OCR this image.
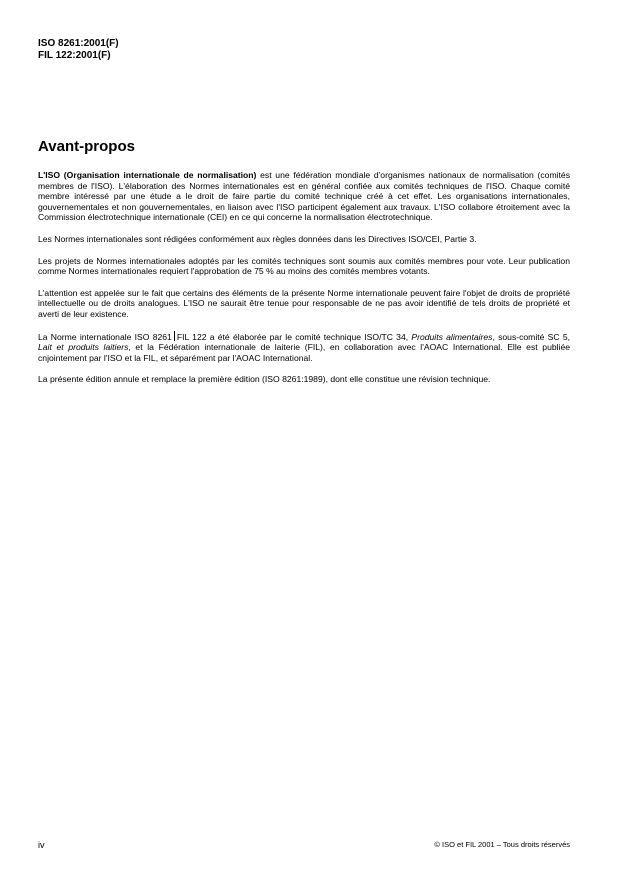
ISO 8261:2001(F)
FIL 122:2001(F)
Avant-propos

L'ISO (Organisation internationale de normalisation) est une fédération mondiale d'organismes nationaux de normalisation (comités membres de l'ISO). L'élaboration des Normes internationales est en général confiée aux comités techniques de l'ISO. Chaque comité membre intéressé par une étude a le droit de faire partie du comité technique créé à cet effet. Les organisations internationales, gouvernementales et non gouvernementales, en liaison avec l'ISO participent également aux travaux. L'ISO collabore étroitement avec la Commission électrotechnique internationale (CEI) en ce qui concerne la normalisation électrotechnique.

Les Normes internationales sont rédigées conformément aux règles données dans les Directives ISO/CEI, Partie 3.

Les projets de Normes internationales adoptés par les comités techniques sont soumis aux comités membres pour vote. Leur publication comme Normes internationales requiert l'approbation de 75 % au moins des comités membres votants.

L'attention est appelée sur le fait que certains des éléments de la présente Norme internationale peuvent faire l'objet de droits de propriété intellectuelle ou de droits analogues. L'ISO ne saurait être tenue pour responsable de ne pas avoir identifié de tels droits de propriété et averti de leur existence.

La Norme internationale ISO 8261 FIL 122 a été élaborée par le comité technique ISO/TC 34, Produits alimentaires, sous-comité SC 5, Lait et produits laitiers, et la Fédération internationale de laiterie (FIL), en collaboration avec l'AOAC International. Elle est publiée cnjointement par l'ISO et la FIL, et séparément par l'AOAC International.

La présente édition annule et remplace la première édition (ISO 8261:1989), dont elle constitue une révision technique.

iv	© ISO et FIL 2001 – Tous droits réservés
